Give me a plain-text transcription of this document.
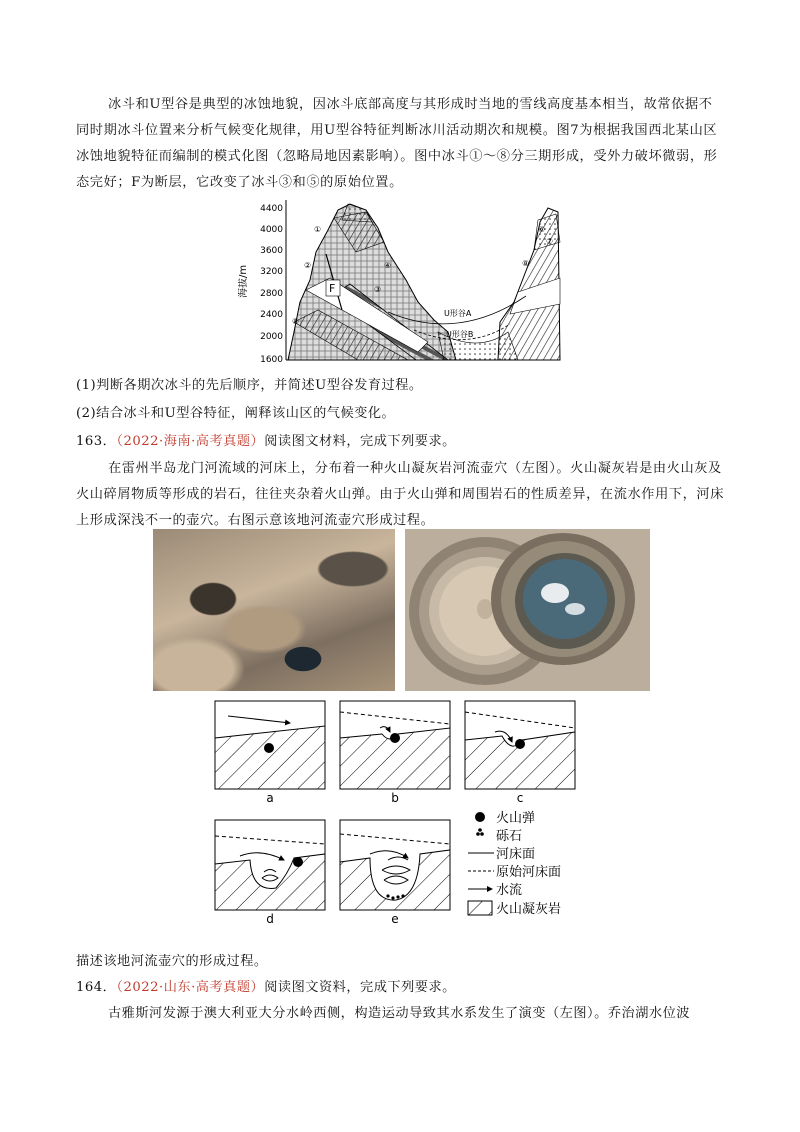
冰斗和U型谷是典型的冰蚀地貌，因冰斗底部高度与其形成时当地的雪线高度基本相当，故常依据不同时期冰斗位置来分析气候变化规律，用U型谷特征判断冰川活动期次和规模。图7为根据我国西北某山区冰蚀地貌特征而编制的模式化图（忽略局地因素影响）。图中冰斗①～⑧分三期形成，受外力破坏微弱，形态完好；F为断层，它改变了冰斗③和⑤的原始位置。

海拔/m
4400
4000
3600
3200
2800
2400
2000
1600
F
U形谷A
U形谷B
①
②
③
④
⑤
⑥
⑦
⑧

(1)判断各期次冰斗的先后顺序，并简述U型谷发育过程。

(2)结合冰斗和U型谷特征，阐释该山区的气候变化。

163．（2022·海南·高考真题）阅读图文材料，完成下列要求。

在雷州半岛龙门河流域的河床上，分布着一种火山凝灰岩河流壶穴（左图）。火山凝灰岩是由火山灰及火山碎屑物质等形成的岩石，往往夹杂着火山弹。由于火山弹和周围岩石的性质差异，在流水作用下，河床上形成深浅不一的壶穴。右图示意该地河流壶穴形成过程。

a	b	c
d	e
火山弹
砾石
河床面
原始河床面
水流
火山凝灰岩

描述该地河流壶穴的形成过程。

164．（2022·山东·高考真题）阅读图文资料，完成下列要求。

古雅斯河发源于澳大利亚大分水岭西侧，构造运动导致其水系发生了演变（左图）。乔治湖水位波
